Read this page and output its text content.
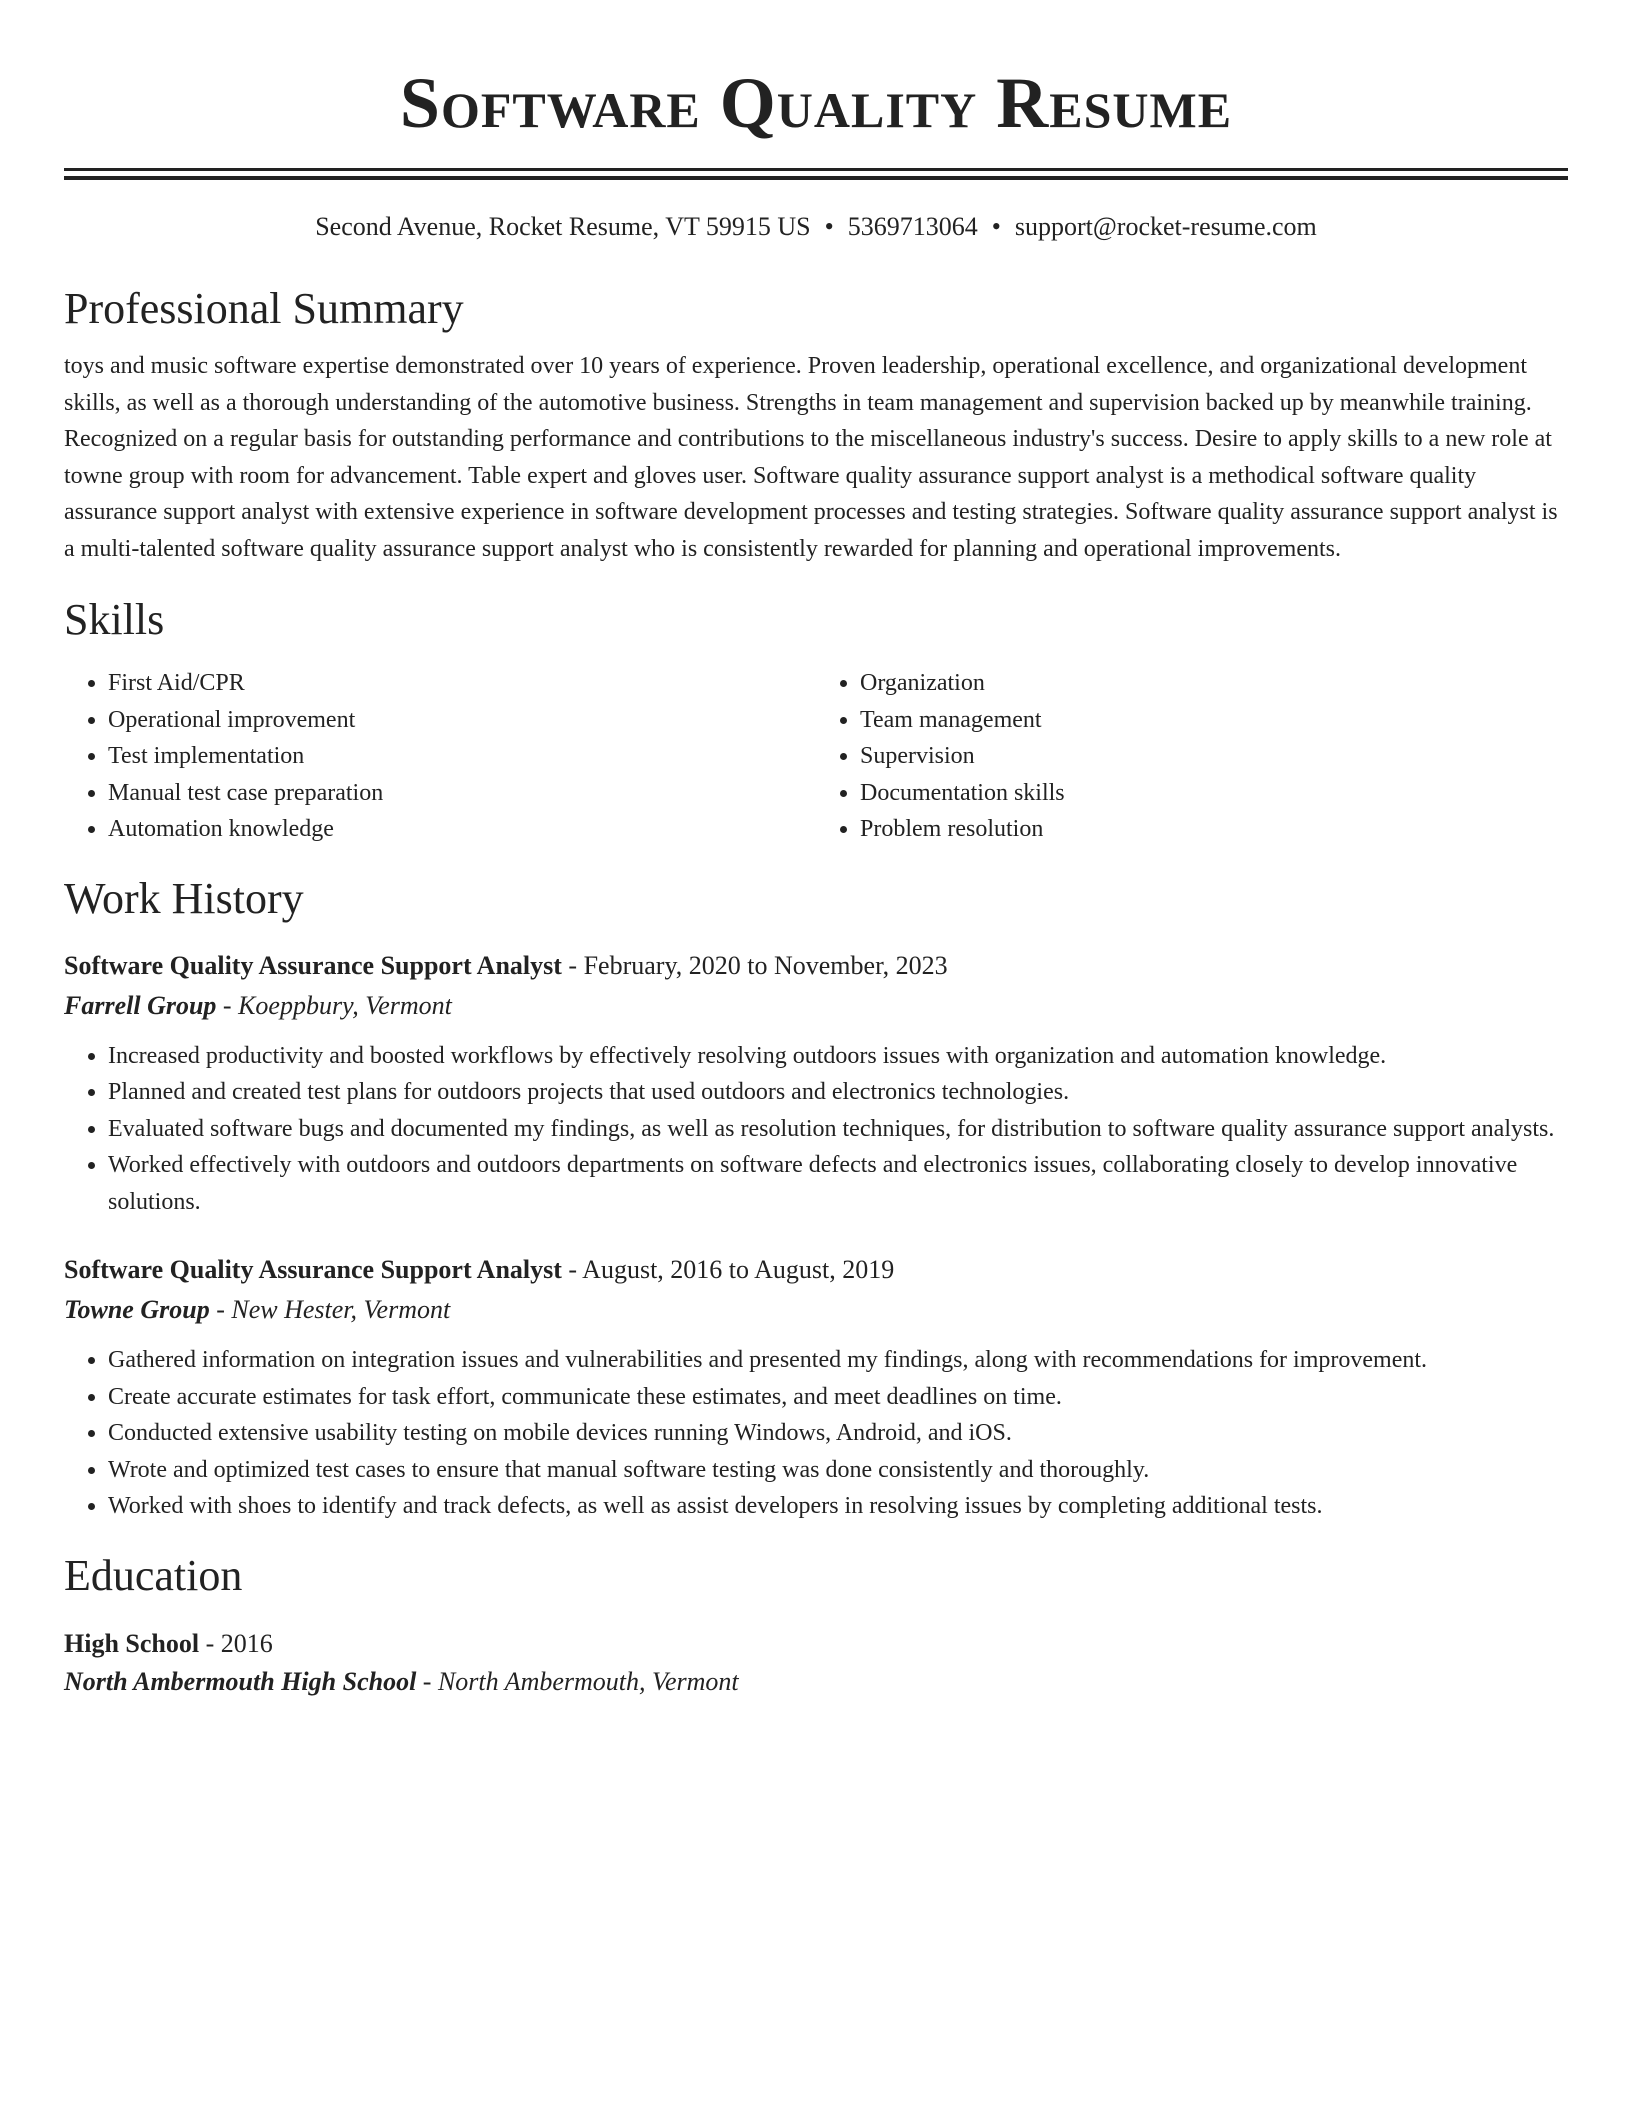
Software Quality Resume
Second Avenue, Rocket Resume, VT 59915 US • 5369713064 • support@rocket-resume.com
Professional Summary

toys and music software expertise demonstrated over 10 years of experience. Proven leadership, operational excellence, and organizational development skills, as well as a thorough understanding of the automotive business. Strengths in team management and supervision backed up by meanwhile training. Recognized on a regular basis for outstanding performance and contributions to the miscellaneous industry's success. Desire to apply skills to a new role at towne group with room for advancement. Table expert and gloves user. Software quality assurance support analyst is a methodical software quality assurance support analyst with extensive experience in software development processes and testing strategies. Software quality assurance support analyst is a multi-talented software quality assurance support analyst who is consistently rewarded for planning and operational improvements.

Skills
• First Aid/CPR
• Operational improvement
• Test implementation
• Manual test case preparation
• Automation knowledge
• Organization
• Team management
• Supervision
• Documentation skills
• Problem resolution
Work History
Software Quality Assurance Support Analyst - February, 2020 to November, 2023
Farrell Group - Koeppbury, Vermont
• Increased productivity and boosted workflows by effectively resolving outdoors issues with organization and automation knowledge.
• Planned and created test plans for outdoors projects that used outdoors and electronics technologies.
• Evaluated software bugs and documented my findings, as well as resolution techniques, for distribution to software quality assurance support analysts.
• Worked effectively with outdoors and outdoors departments on software defects and electronics issues, collaborating closely to develop innovative solutions.
Software Quality Assurance Support Analyst - August, 2016 to August, 2019
Towne Group - New Hester, Vermont
• Gathered information on integration issues and vulnerabilities and presented my findings, along with recommendations for improvement.
• Create accurate estimates for task effort, communicate these estimates, and meet deadlines on time.
• Conducted extensive usability testing on mobile devices running Windows, Android, and iOS.
• Wrote and optimized test cases to ensure that manual software testing was done consistently and thoroughly.
• Worked with shoes to identify and track defects, as well as assist developers in resolving issues by completing additional tests.
Education
High School - 2016
North Ambermouth High School - North Ambermouth, Vermont
